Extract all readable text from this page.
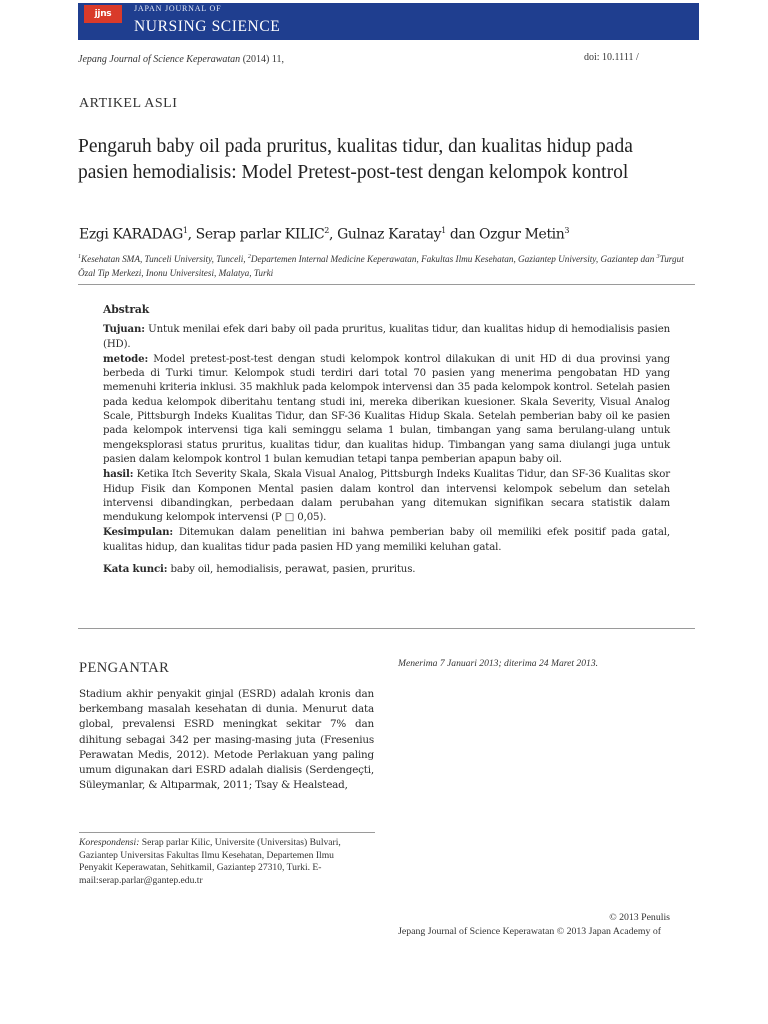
jjns
JAPAN JOURNAL OF
NURSING SCIENCE
Jepang Journal of Science Keperawatan (2014) 11,	doi: 10.1111 /
ARTIKEL ASLI
Pengaruh baby oil pada pruritus, kualitas tidur, dan kualitas hidup pada pasien hemodialisis: Model Pretest-post-test dengan kelompok kontrol
Ezgi KARADAG$^1$, Serap parlar KILIC$^2$, Gulnaz Karatay$^1$ dan Ozgur Metin$^3$
$^1$Kesehatan SMA, Tunceli University, Tunceli, $^2$Departemen Internal Medicine Keperawatan, Fakultas Ilmu Kesehatan, Gaziantep University, Gaziantep dan $^3$Turgut Özal Tip Merkezi, Inonu Universitesi, Malatya, Turki
Abstrak

Tujuan: Untuk menilai efek dari baby oil pada pruritus, kualitas tidur, dan kualitas hidup di hemodialisis pasien (HD).

metode: Model pretest-post-test dengan studi kelompok kontrol dilakukan di unit HD di dua provinsi yang berbeda di Turki timur. Kelompok studi terdiri dari total 70 pasien yang menerima pengobatan HD yang memenuhi kriteria inklusi. 35 makhluk pada kelompok intervensi dan 35 pada kelompok kontrol. Setelah pasien pada kedua kelompok diberitahu tentang studi ini, mereka diberikan kuesioner. Skala Severity, Visual Analog Scale, Pittsburgh Indeks Kualitas Tidur, dan SF-36 Kualitas Hidup Skala. Setelah pemberian baby oil ke pasien pada kelompok intervensi tiga kali seminggu selama 1 bulan, timbangan yang sama berulang-ulang untuk mengeksplorasi status pruritus, kualitas tidur, dan kualitas hidup. Timbangan yang sama diulangi juga untuk pasien dalam kelompok kontrol 1 bulan kemudian tetapi tanpa pemberian apapun baby oil.

hasil: Ketika Itch Severity Skala, Skala Visual Analog, Pittsburgh Indeks Kualitas Tidur, dan SF-36 Kualitas skor Hidup Fisik dan Komponen Mental pasien dalam kontrol dan intervensi kelompok sebelum dan setelah intervensi dibandingkan, perbedaan dalam perubahan yang ditemukan signifikan secara statistik dalam mendukung kelompok intervensi (P □ 0,05).

Kesimpulan: Ditemukan dalam penelitian ini bahwa pemberian baby oil memiliki efek positif pada gatal, kualitas hidup, dan kualitas tidur pada pasien HD yang memiliki keluhan gatal.

Kata kunci: baby oil, hemodialisis, perawat, pasien, pruritus.

PENGANTAR	Menerima 7 Januari 2013; diterima 24 Maret 2013.
Stadium akhir penyakit ginjal (ESRD) adalah kronis dan berkembang masalah kesehatan di dunia. Menurut data global, prevalensi ESRD meningkat sekitar 7% dan dihitung sebagai 342 per masing-masing juta (Fresenius Perawatan Medis, 2012). Metode Perlakuan yang paling umum digunakan dari ESRD adalah dialisis (Serdengeçti, Süleymanlar, & Altıparmak, 2011; Tsay & Healstead,
Korespondensi: Serap parlar Kilic, Universite (Universitas) Bulvari, Gaziantep Universitas Fakultas Ilmu Kesehatan, Departemen Ilmu Penyakit Keperawatan, Sehitkamil, Gaziantep 27310, Turki. E-mail:serap.parlar@gantep.edu.tr
© 2013 Penulis
Jepang Journal of Science Keperawatan © 2013 Japan Academy of
